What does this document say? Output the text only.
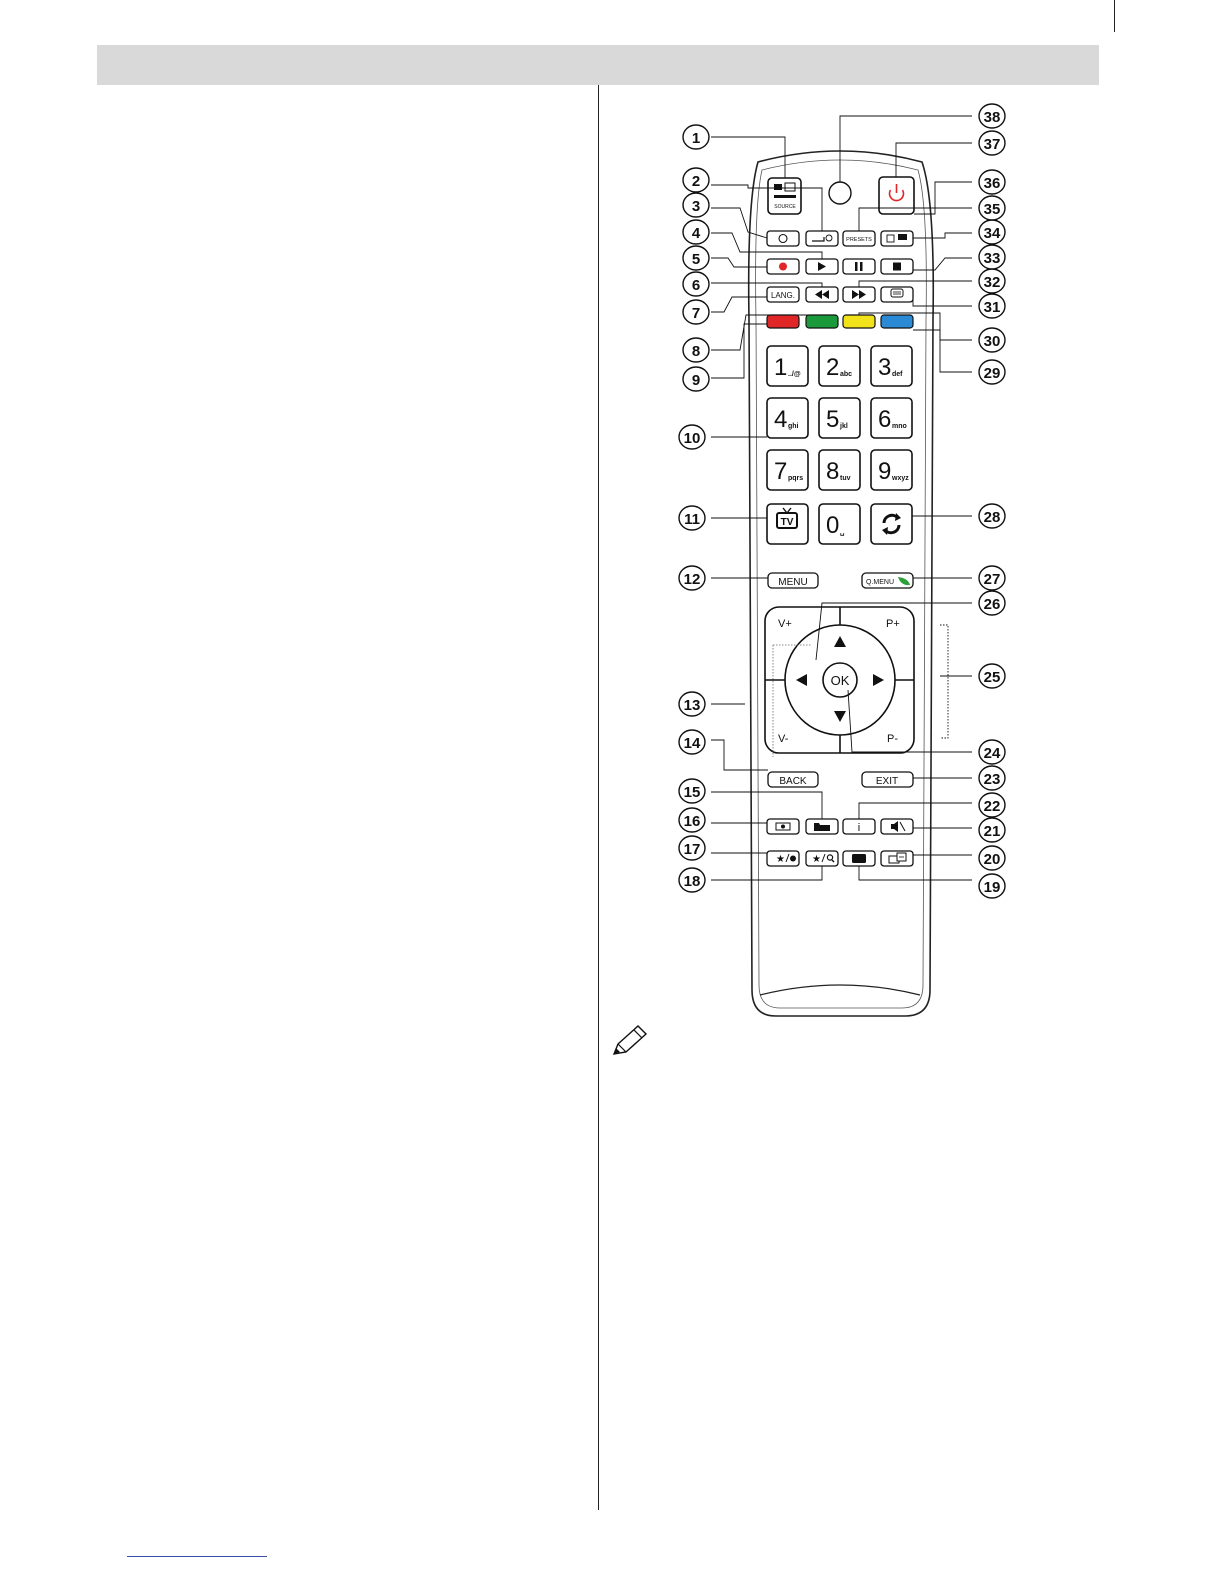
SOURCE
PRESETS
LANG.
1 ../@ 2 abc 3 def
4 ghi 5 jkl 6 mno
7 pqrs 8 tuv 9 wxyz
0 ␣
TV
MENU	Q.MENU
OK
V+
V-
P+
P-
BACK	EXIT
i
★	★
1
2
3
4
5
6
7
8
9
10
11
12
13
14
15
16
17
18	19
20
21
22
23
24
25
26
27
28
29
30
31
32
33
34
35
36
37
38
